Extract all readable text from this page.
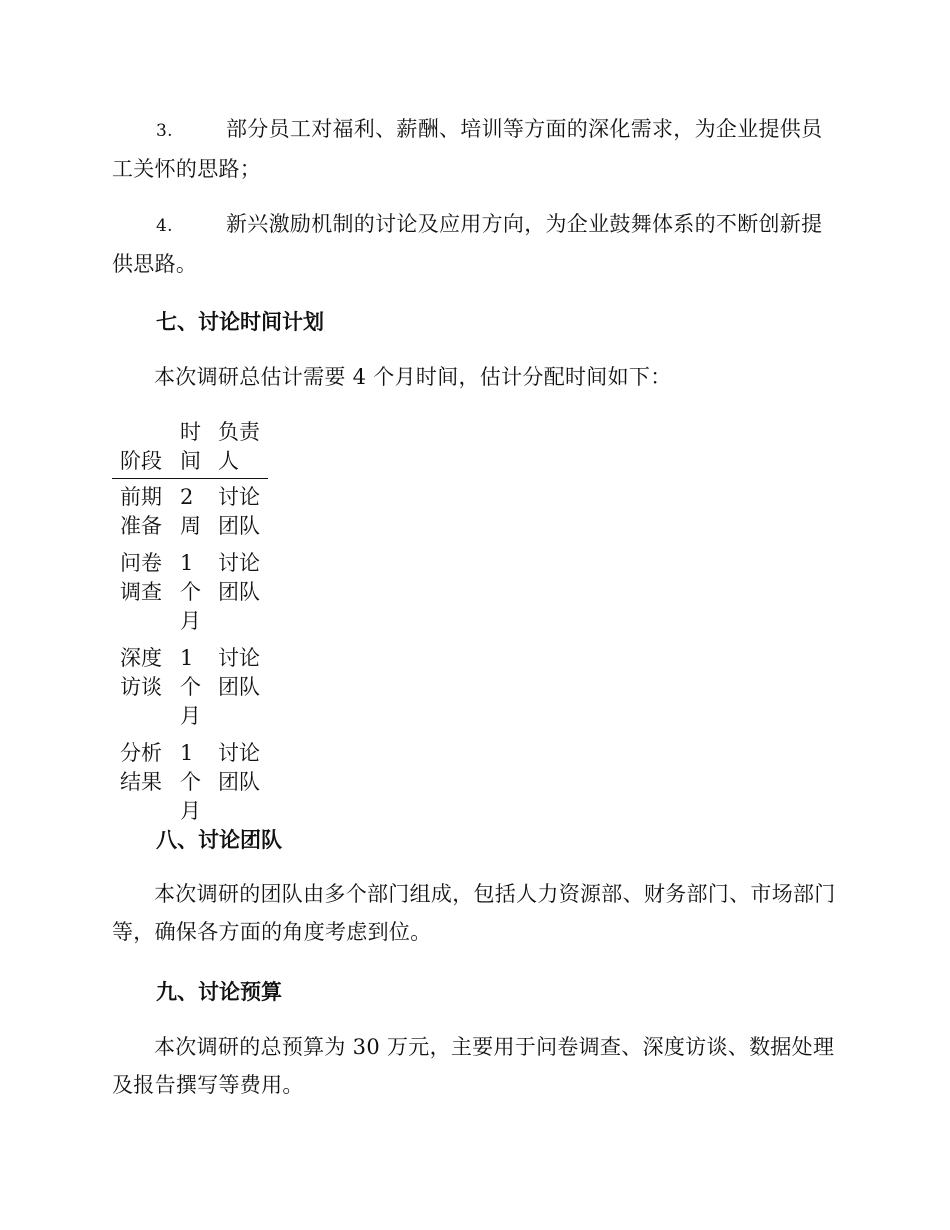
3.	部分员工对福利、薪酬、培训等方面的深化需求，为企业提供员工关怀的思路；

4.	新兴激励机制的讨论及应用方向，为企业鼓舞体系的不断创新提供思路。

七、讨论时间计划

本次调研总估计需要 4 个月时间，估计分配时间如下：

阶段	时间	负责人

前期准备	2 周	讨论团队

问卷调查	1 个月	讨论团队

深度访谈	1 个月	讨论团队

分析结果	1 个月	讨论团队
八、讨论团队

本次调研的团队由多个部门组成，包括人力资源部、财务部门、市场部门等，确保各方面的角度考虑到位。

九、讨论预算

本次调研的总预算为 30 万元，主要用于问卷调查、深度访谈、数据处理及报告撰写等费用。
